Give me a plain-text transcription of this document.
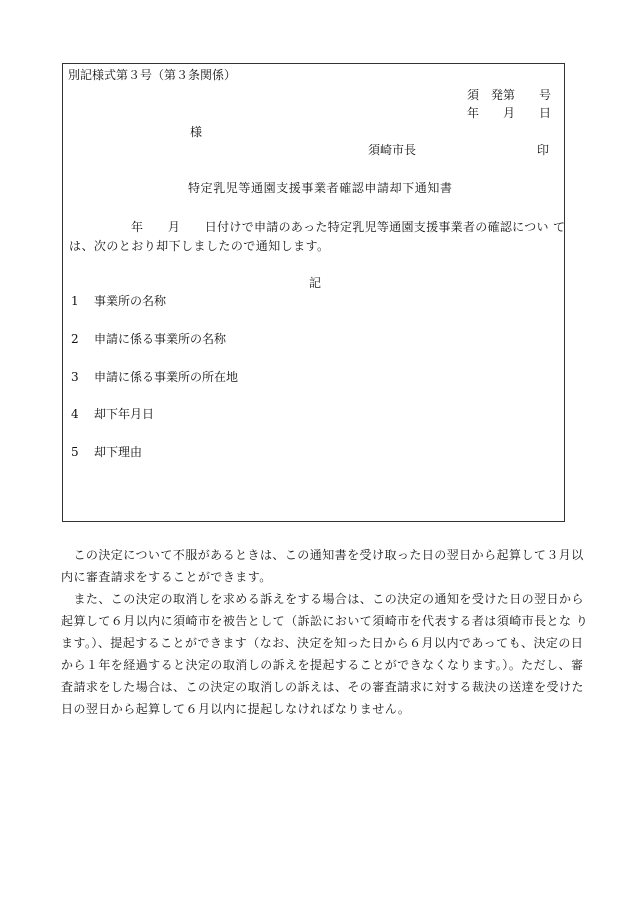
別記様式第３号（第３条関係）
須　発第　　号
年　　月　　日
様
須崎市長	印
特定乳児等通園支援事業者確認申請却下通知書
年　　月　　日付けで申請のあった特定乳児等通園支援事業者の確認につい て
は、次のとおり却下しましたので通知します。
記
1 事業所の名称
2 申請に係る事業所の名称
3 申請に係る事業所の所在地
4 却下年月日
5 却下理由
　この決定について不服があるときは、この通知書を受け取った日の翌日から起算して３月以
内に審査請求をすることができます。
　また、この決定の取消しを求める訴えをする場合は、この決定の通知を受けた日の翌日から
起算して６月以内に須崎市を被告として（訴訟において須崎市を代表する者は須崎市長とな り
ます。）、提起することができます（なお、決定を知った日から６月以内であっても、決定の日
から１年を経過すると決定の取消しの訴えを提起することができなくなります。）。ただし、審
査請求をした場合は、この決定の取消しの訴えは、その審査請求に対する裁決の送達を受けた
日の翌日から起算して６月以内に提起しなければなりません。
